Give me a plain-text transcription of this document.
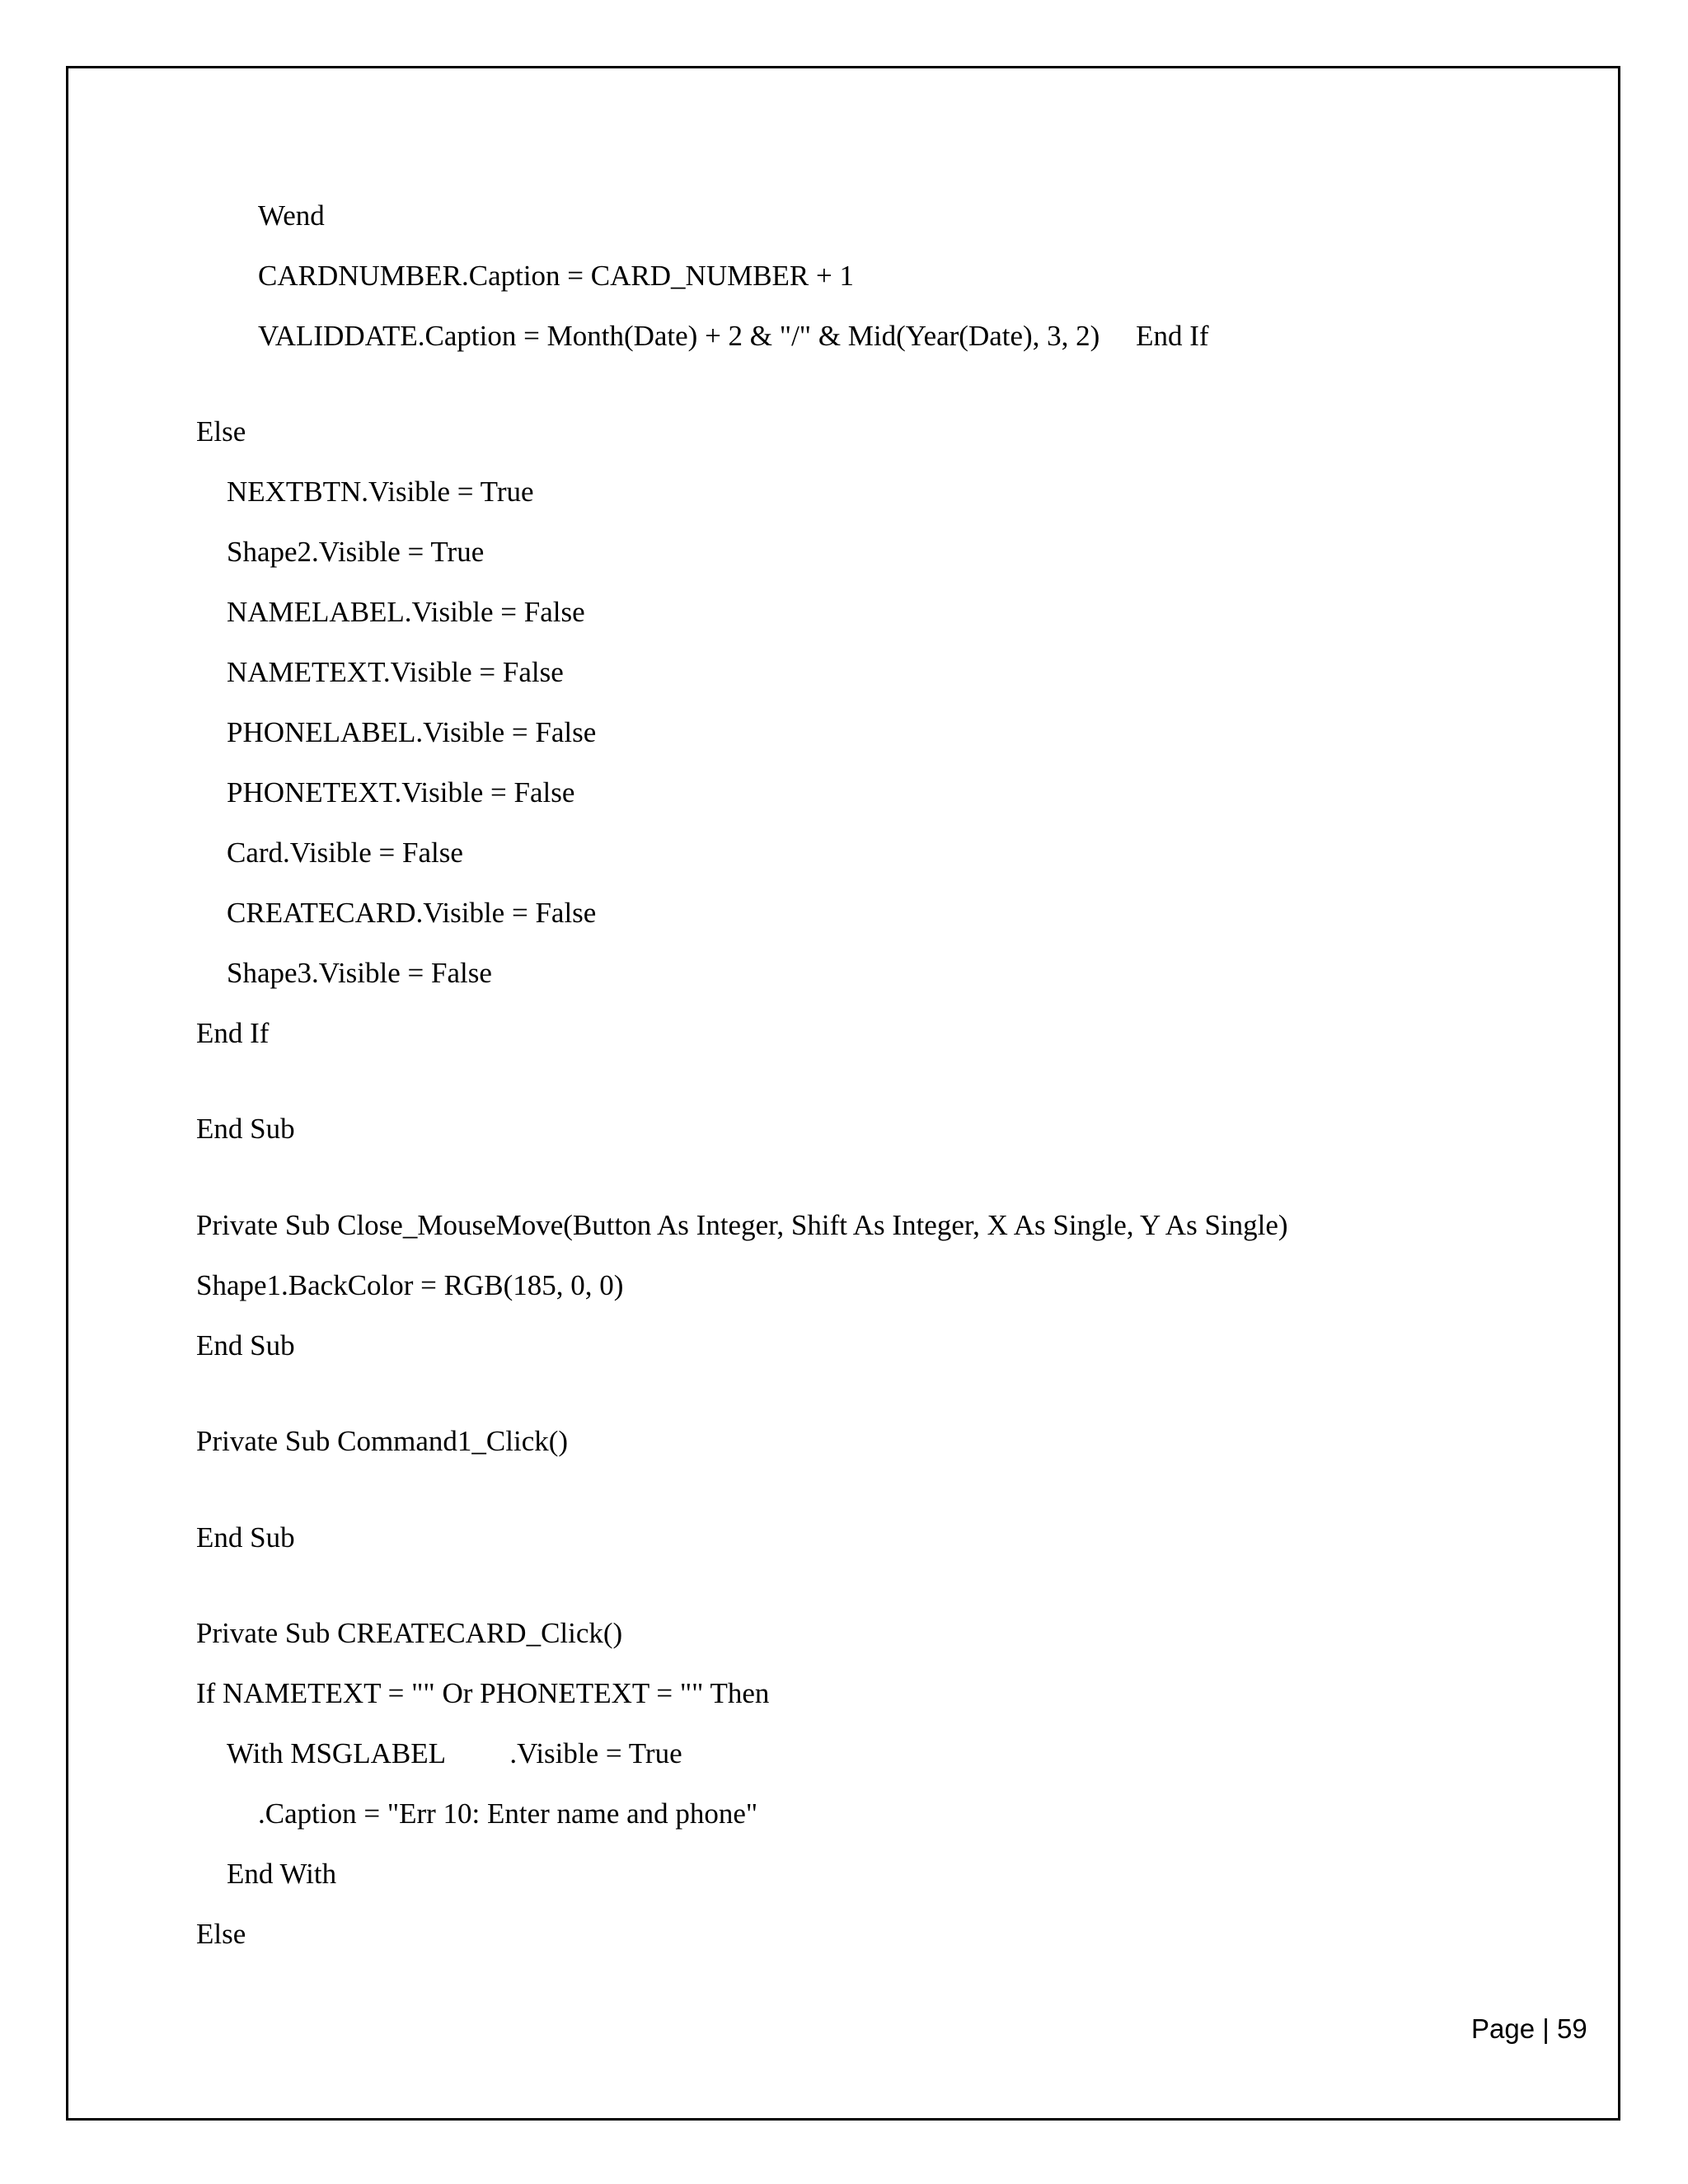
Wend
CARDNUMBER.Caption = CARD_NUMBER + 1
VALIDDATE.Caption = Month(Date) + 2 & "/" & Mid(Year(Date), 3, 2)     End If
Else
NEXTBTN.Visible = True
Shape2.Visible = True
NAMELABEL.Visible = False
NAMETEXT.Visible = False
PHONELABEL.Visible = False
PHONETEXT.Visible = False
Card.Visible = False
CREATECARD.Visible = False
Shape3.Visible = False
End If
End Sub
Private Sub Close_MouseMove(Button As Integer, Shift As Integer, X As Single, Y As Single)
Shape1.BackColor = RGB(185, 0, 0)
End Sub
Private Sub Command1_Click()
End Sub
Private Sub CREATECARD_Click()
If NAMETEXT = "" Or PHONETEXT = "" Then
With MSGLABEL         .Visible = True
.Caption = "Err 10: Enter name and phone"
End With
Else
Page | 59
